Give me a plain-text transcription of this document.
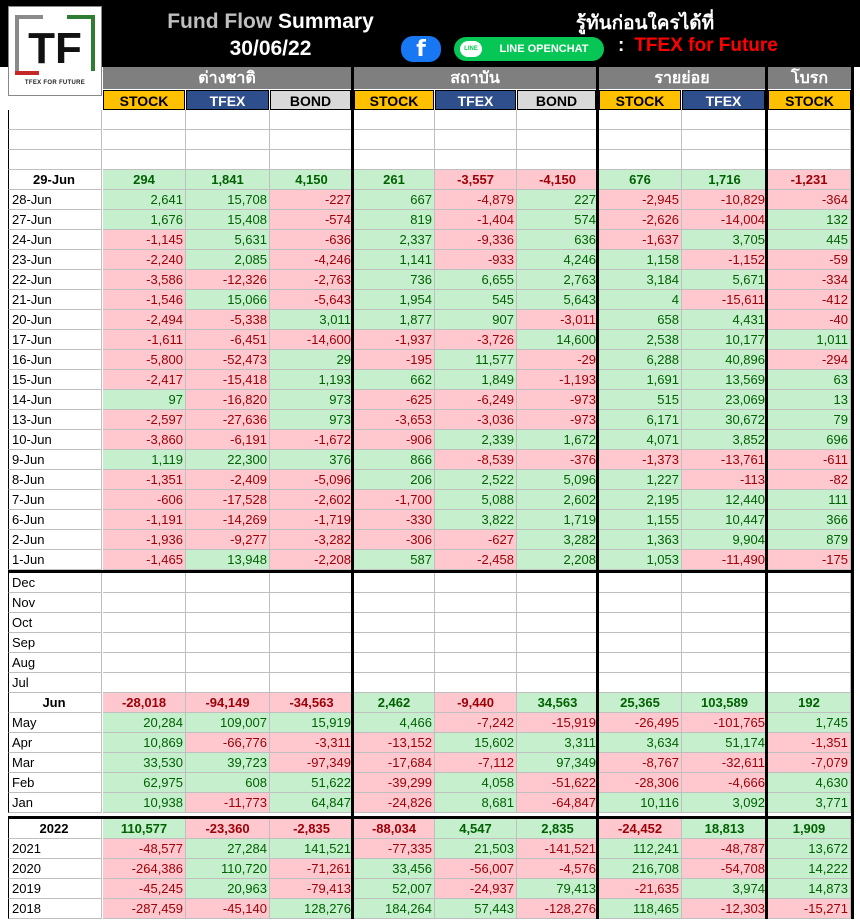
Fund Flow Summary
30/06/22
รู้ทันก่อนใครได้ที่
f	LINE	LINE OPENCHAT	: TFEX for Future
TF
TFEX FOR FUTURE	ต่างชาติ	สถาบัน	รายย่อย	โบรก
STOCK	TFEX	BOND	STOCK	TFEX	BOND	STOCK	TFEX	STOCK
29-Jun	294	1,841	4,150	261	-3,557	-4,150	676	1,716	-1,231
28-Jun	2,641	15,708	-227	667	-4,879	227	-2,945	-10,829	-364
27-Jun	1,676	15,408	-574	819	-1,404	574	-2,626	-14,004	132
24-Jun	-1,145	5,631	-636	2,337	-9,336	636	-1,637	3,705	445
23-Jun	-2,240	2,085	-4,246	1,141	-933	4,246	1,158	-1,152	-59
22-Jun	-3,586	-12,326	-2,763	736	6,655	2,763	3,184	5,671	-334
21-Jun	-1,546	15,066	-5,643	1,954	545	5,643	4	-15,611	-412
20-Jun	-2,494	-5,338	3,011	1,877	907	-3,011	658	4,431	-40
17-Jun	-1,611	-6,451	-14,600	-1,937	-3,726	14,600	2,538	10,177	1,011
16-Jun	-5,800	-52,473	29	-195	11,577	-29	6,288	40,896	-294
15-Jun	-2,417	-15,418	1,193	662	1,849	-1,193	1,691	13,569	63
14-Jun	97	-16,820	973	-625	-6,249	-973	515	23,069	13
13-Jun	-2,597	-27,636	973	-3,653	-3,036	-973	6,171	30,672	79
10-Jun	-3,860	-6,191	-1,672	-906	2,339	1,672	4,071	3,852	696
9-Jun	1,119	22,300	376	866	-8,539	-376	-1,373	-13,761	-611
8-Jun	-1,351	-2,409	-5,096	206	2,522	5,096	1,227	-113	-82
7-Jun	-606	-17,528	-2,602	-1,700	5,088	2,602	2,195	12,440	111
6-Jun	-1,191	-14,269	-1,719	-330	3,822	1,719	1,155	10,447	366
2-Jun	-1,936	-9,277	-3,282	-306	-627	3,282	1,363	9,904	879
1-Jun	-1,465	13,948	-2,208	587	-2,458	2,208	1,053	-11,490	-175
Dec
Nov
Oct
Sep
Aug
Jul
Jun	-28,018	-94,149	-34,563	2,462	-9,440	34,563	25,365	103,589	192
May	20,284	109,007	15,919	4,466	-7,242	-15,919	-26,495	-101,765	1,745
Apr	10,869	-66,776	-3,311	-13,152	15,602	3,311	3,634	51,174	-1,351
Mar	33,530	39,723	-97,349	-17,684	-7,112	97,349	-8,767	-32,611	-7,079
Feb	62,975	608	51,622	-39,299	4,058	-51,622	-28,306	-4,666	4,630
Jan	10,938	-11,773	64,847	-24,826	8,681	-64,847	10,116	3,092	3,771
2022	110,577	-23,360	-2,835	-88,034	4,547	2,835	-24,452	18,813	1,909
2021	-48,577	27,284	141,521	-77,335	21,503	-141,521	112,241	-48,787	13,672
2020	-264,386	110,720	-71,261	33,456	-56,007	-4,576	216,708	-54,708	14,222
2019	-45,245	20,963	-79,413	52,007	-24,937	79,413	-21,635	3,974	14,873
2018	-287,459	-45,140	128,276	184,264	57,443	-128,276	118,465	-12,303	-15,271
